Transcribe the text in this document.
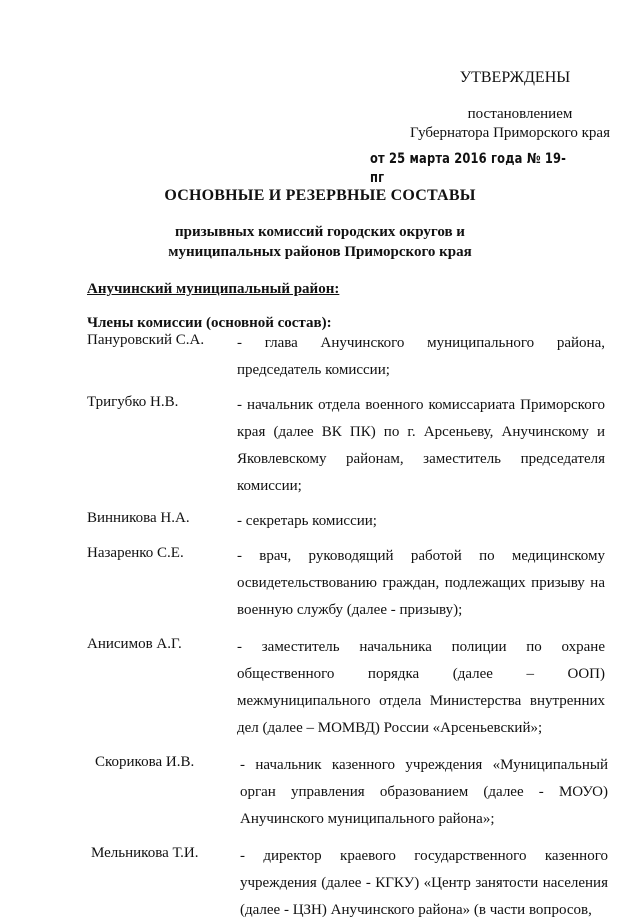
УТВЕРЖДЕНЫ
постановлением
Губернатора Приморского края
от 25 марта 2016 года № 19-пг
ОСНОВНЫЕ И РЕЗЕРВНЫЕ СОСТАВЫ
призывных комиссий городских округов и
муниципальных районов Приморского края
Анучинский муниципальный район:
Члены комиссии (основной состав):
Пануровский С.А. - глава Анучинского муниципального района, председатель комиссии;
Тригубко Н.В.	- начальник отдела военного комиссариата Приморского края (далее ВК ПК) по г. Арсеньеву, Анучинскому и Яковлевскому районам, заместитель председателя комиссии;
Винникова Н.А.	- секретарь комиссии;
Назаренко С.Е.	- врач, руководящий работой по медицинскому освидетельствованию граждан, подлежащих призыву на военную службу (далее - призыву);
Анисимов А.Г.	- заместитель начальника полиции по охране общественного порядка (далее – ООП) межмуниципального отдела Министерства внутренних дел (далее – МОМВД) России «Арсеньевский»;
Скорикова И.В.	- начальник казенного учреждения «Муниципальный орган управления образованием (далее - МОУО) Анучинского муниципального района»;
Мельникова Т.И.	- директор краевого государственного казенного учреждения (далее - КГКУ) «Центр занятости населения (далее - ЦЗН) Анучинского района» (в части вопросов,
